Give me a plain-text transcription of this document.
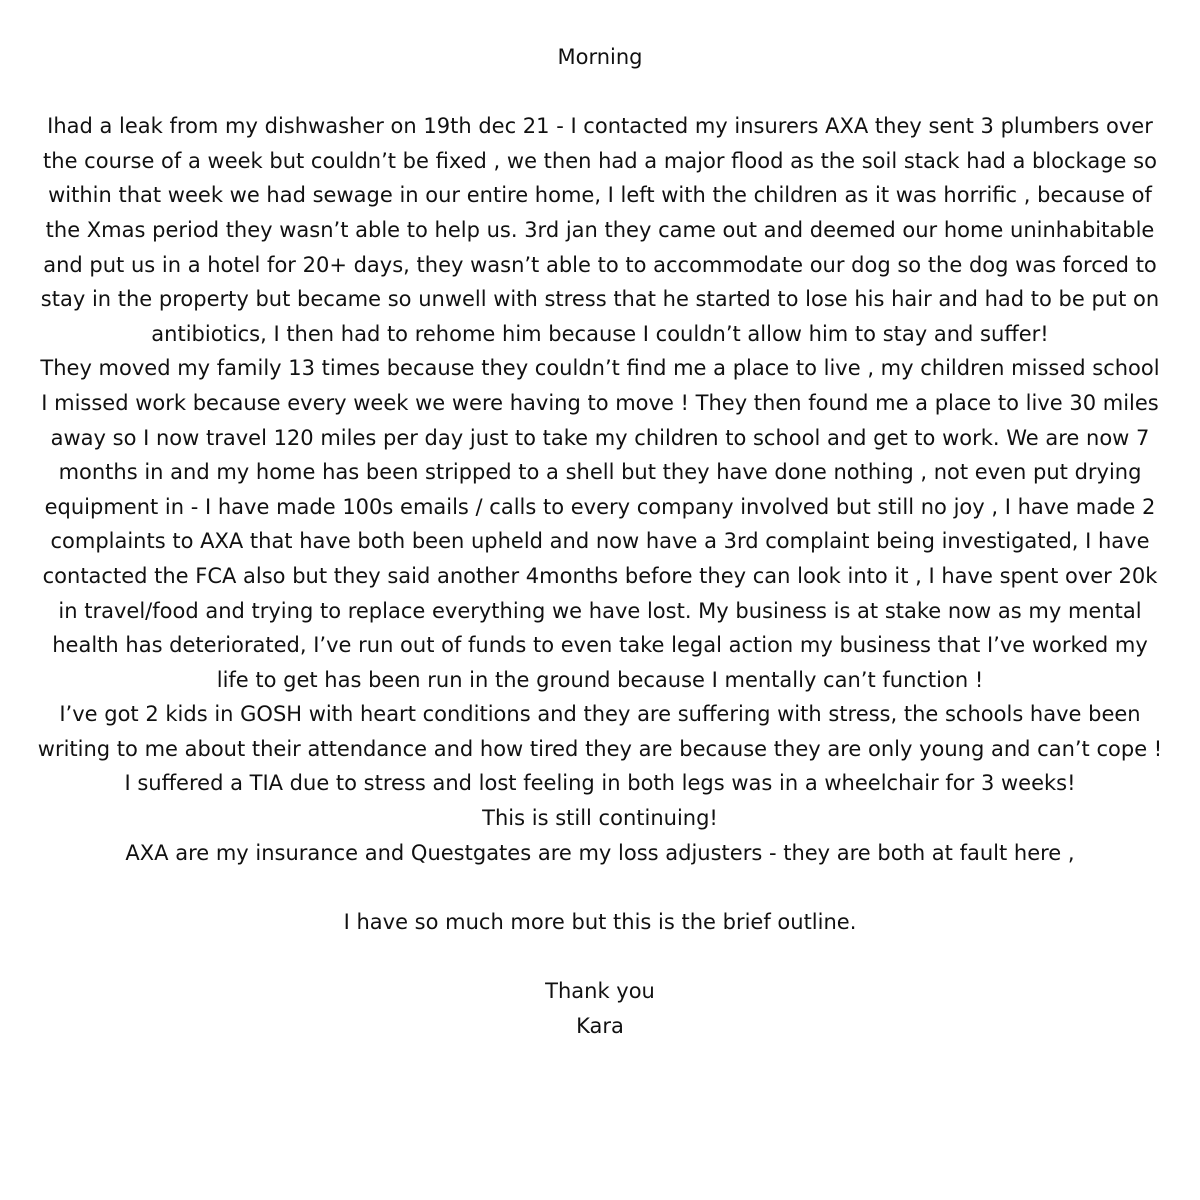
Morning

Ihad a leak from my dishwasher on 19th dec 21 - I contacted my insurers AXA they sent 3 plumbers over the course of a week but couldn’t be fixed , we then had a major flood as the soil stack had a blockage so within that week we had sewage in our entire home, I left with the children as it was horrific , because of the Xmas period they wasn’t able to help us. 3rd jan they came out and deemed our home uninhabitable and put us in a hotel for 20+ days, they wasn’t able to to accommodate our dog so the dog was forced to stay in the property but became so unwell with stress that he started to lose his hair and had to be put on antibiotics, I then had to rehome him because I couldn’t allow him to stay and suffer!

They moved my family 13 times because they couldn’t find me a place to live , my children missed school I missed work because every week we were having to move ! They then found me a place to live 30 miles away so I now travel 120 miles per day just to take my children to school and get to work. We are now 7 months in and my home has been stripped to a shell but they have done nothing , not even put drying equipment in - I have made 100s emails / calls to every company involved but still no joy , I have made 2 complaints to AXA that have both been upheld and now have a 3rd complaint being investigated, I have contacted the FCA also but they said another 4months before they can look into it , I have spent over 20k in travel/food and trying to replace everything we have lost. My business is at stake now as my mental health has deteriorated, I’ve run out of funds to even take legal action my business that I’ve worked my life to get has been run in the ground because I mentally can’t function !

I’ve got 2 kids in GOSH with heart conditions and they are suffering with stress, the schools have been writing to me about their attendance and how tired they are because they are only young and can’t cope !

I suffered a TIA due to stress and lost feeling in both legs was in a wheelchair for 3 weeks!

This is still continuing!

AXA are my insurance and Questgates are my loss adjusters - they are both at fault here ,

I have so much more but this is the brief outline.
Thank you
Kara
